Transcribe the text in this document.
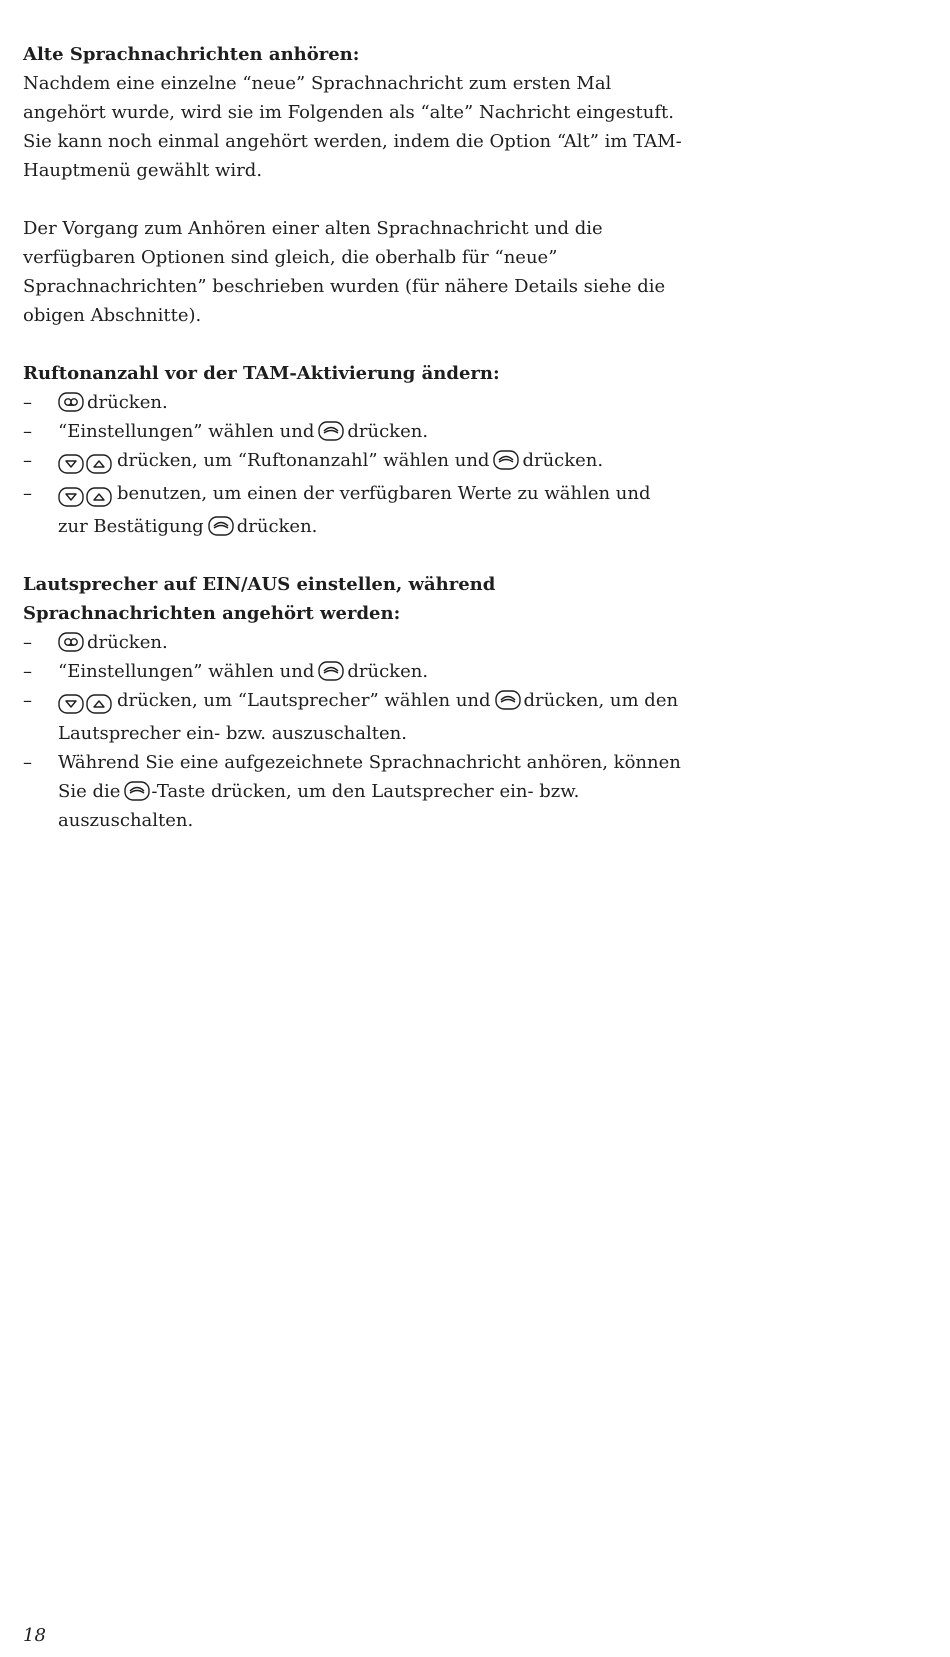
Alte Sprachnachrichten anhören:

Nachdem eine einzelne “neue” Sprachnachricht zum ersten Mal angehört wurde, wird sie im Folgenden als “alte” Nachricht eingestuft. Sie kann noch einmal angehört werden, indem die Option “Alt” im TAM-Hauptmenü gewählt wird.

Der Vorgang zum Anhören einer alten Sprachnachricht und die verfügbaren Optionen sind gleich, die oberhalb für “neue” Sprachnachrichten” beschrieben wurden (für nähere Details siehe die obigen Abschnitte).

Ruftonanzahl vor der TAM-Aktivierung ändern:

–	drücken.
–	“Einstellungen” wählen und drücken.
–	drücken, um “Ruftonanzahl” wählen und drücken.
–	benutzen, um einen der verfügbaren Werte zu wählen und zur Bestätigung drücken.

Lautsprecher auf EIN/AUS einstellen, während Sprachnachrichten angehört werden:

–	drücken.
–	“Einstellungen” wählen und drücken.
–	drücken, um “Lautsprecher” wählen und drücken, um den Lautsprecher ein- bzw. auszuschalten.
–	Während Sie eine aufgezeichnete Sprachnachricht anhören, können Sie die -Taste drücken, um den Lautsprecher ein- bzw. auszuschalten.
18
